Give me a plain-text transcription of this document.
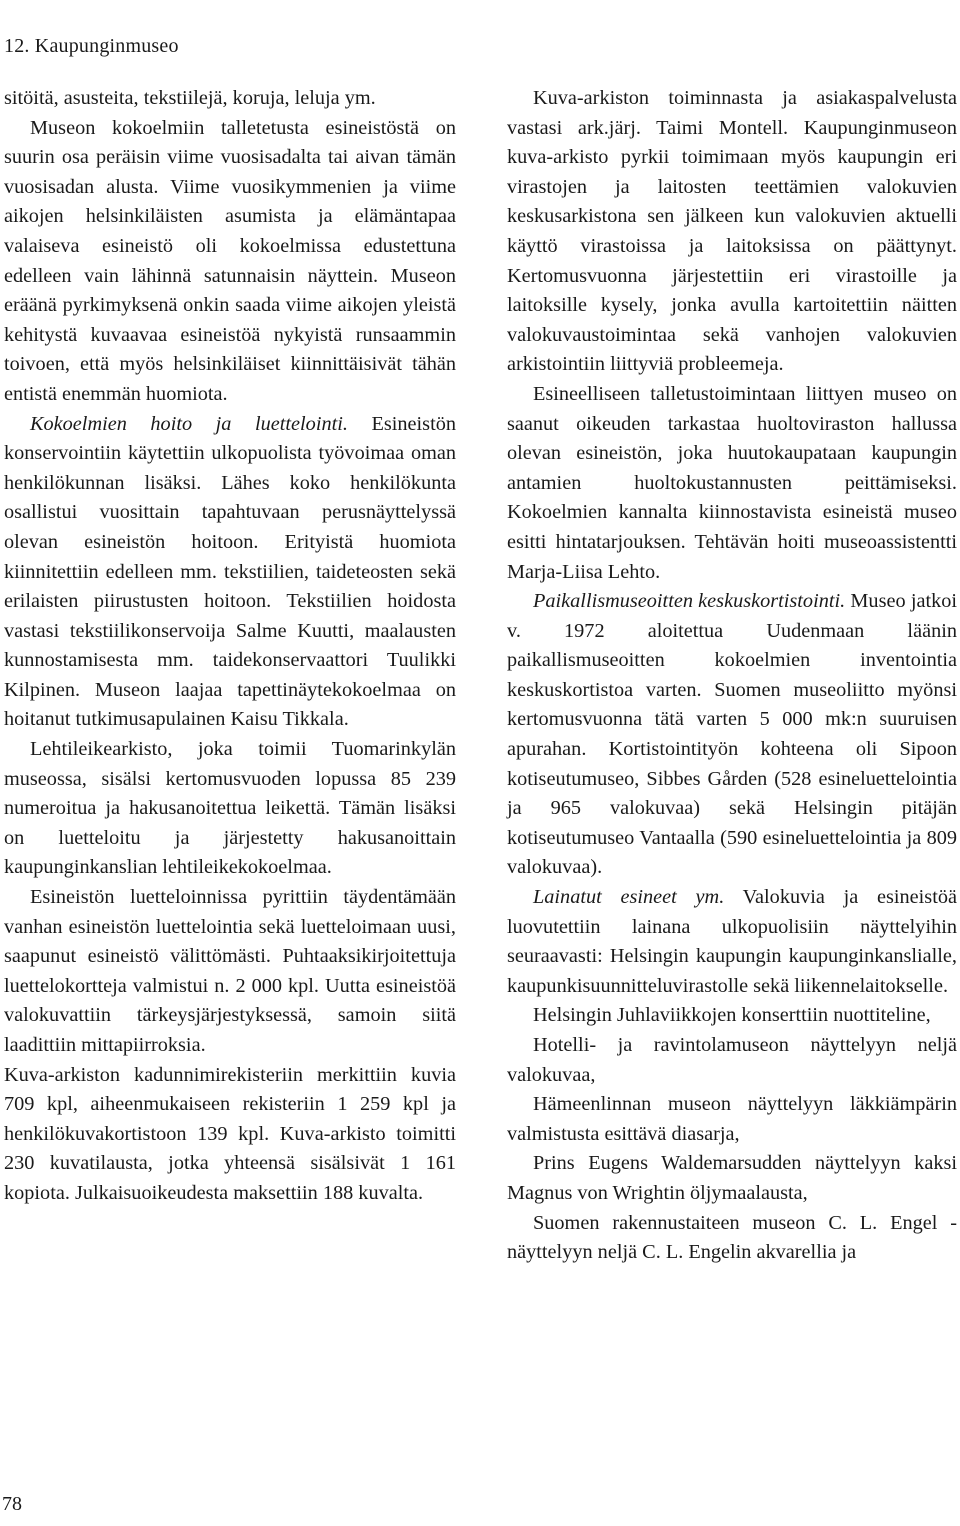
12. Kaupunginmuseo

sitöitä, asusteita, tekstiilejä, koruja, leluja ym.

Museon kokoelmiin talletetusta esineistöstä on suurin osa peräisin viime vuosisadalta tai aivan tämän vuosisadan alusta. Viime vuosikymmenien ja viime aikojen helsinkiläisten asumista ja elämäntapaa valaiseva esineistö oli kokoelmissa edustettuna edelleen vain lähinnä satunnaisin näyttein. Museon eräänä pyrkimyksenä onkin saada viime aikojen yleistä kehitystä kuvaavaa esineistöä nykyistä runsaammin toivoen, että myös helsinkiläiset kiinnittäisivät tähän entistä enemmän huomiota.

Kokoelmien hoito ja luettelointi. Esineistön konservointiin käytettiin ulkopuolista työvoimaa oman henkilökunnan lisäksi. Lähes koko henkilökunta osallistui vuosittain tapahtuvaan perusnäyttelyssä olevan esineistön hoitoon. Erityistä huomiota kiinnitettiin edelleen mm. tekstiilien, taideteosten sekä erilaisten piirustusten hoitoon. Tekstiilien hoidosta vastasi tekstiilikonservoija Salme Kuutti, maalausten kunnostamisesta mm. taidekonservaattori Tuulikki Kilpinen. Museon laajaa tapettinäytekokoelmaa on hoitanut tutkimusapulainen Kaisu Tikkala.

Lehtileikearkisto, joka toimii Tuomarinkylän museossa, sisälsi kertomusvuoden lopussa 85 239 numeroitua ja hakusanoitettua leikettä. Tämän lisäksi on luetteloitu ja järjestetty hakusanoittain kaupunginkanslian lehtileikekokoelmaa.

Esineistön luetteloinnissa pyrittiin täydentämään vanhan esineistön luettelointia sekä luetteloimaan uusi, saapunut esineistö välittömästi. Puhtaaksikirjoitettuja luettelokortteja valmistui n. 2 000 kpl. Uutta esineistöä valokuvattiin tärkeysjärjestyksessä, samoin siitä laadittiin mittapiirroksia.

Kuva-arkiston kadunnimirekisteriin merkittiin kuvia 709 kpl, aiheenmukaiseen rekisteriin 1 259 kpl ja henkilökuvakortistoon 139 kpl. Kuva-arkisto toimitti 230 kuvatilausta, jotka yhteensä sisälsivät 1 161 kopiota. Julkaisuoikeudesta maksettiin 188 kuvalta.

Kuva-arkiston toiminnasta ja asiakaspalvelusta vastasi ark.järj. Taimi Montell. Kaupunginmuseon kuva-arkisto pyrkii toimimaan myös kaupungin eri virastojen ja laitosten teettämien valokuvien keskusarkistona sen jälkeen kun valokuvien aktuelli käyttö virastoissa ja laitoksissa on päättynyt. Kertomusvuonna järjestettiin eri virastoille ja laitoksille kysely, jonka avulla kartoitettiin näitten valokuvaustoimintaa sekä vanhojen valokuvien arkistointiin liittyviä probleemeja.

Esineelliseen talletustoimintaan liittyen museo on saanut oikeuden tarkastaa huoltoviraston hallussa olevan esineistön, joka huutokaupataan kaupungin antamien huoltokustannusten peittämiseksi. Kokoelmien kannalta kiinnostavista esineistä museo esitti hintatarjouksen. Tehtävän hoiti museoassistentti Marja-Liisa Lehto.

Paikallismuseoitten keskuskortistointi. Museo jatkoi v. 1972 aloitettua Uudenmaan läänin paikallismuseoitten kokoelmien inventointia keskuskortistoa varten. Suomen museoliitto myönsi kertomusvuonna tätä varten 5 000 mk:n suuruisen apurahan. Kortistointityön kohteena oli Sipoon kotiseutumuseo, Sibbes Gården (528 esineluettelointia ja 965 valokuvaa) sekä Helsingin pitäjän kotiseutumuseo Vantaalla (590 esineluettelointia ja 809 valokuvaa).

Lainatut esineet ym. Valokuvia ja esineistöä luovutettiin lainana ulkopuolisiin näyttelyihin seuraavasti: Helsingin kaupungin kaupunginkanslialle, kaupunkisuunnitteluvirastolle sekä liikennelaitokselle.

Helsingin Juhlaviikkojen konserttiin nuottiteline,

Hotelli- ja ravintolamuseon näyttelyyn neljä valokuvaa,

Hämeenlinnan museon näyttelyyn läkkiämpärin valmistusta esittävä diasarja,

Prins Eugens Waldemarsudden näyttelyyn kaksi Magnus von Wrightin öljymaalausta,

Suomen rakennustaiteen museon C. L. Engel -näyttelyyn neljä C. L. Engelin akvarellia ja

78
